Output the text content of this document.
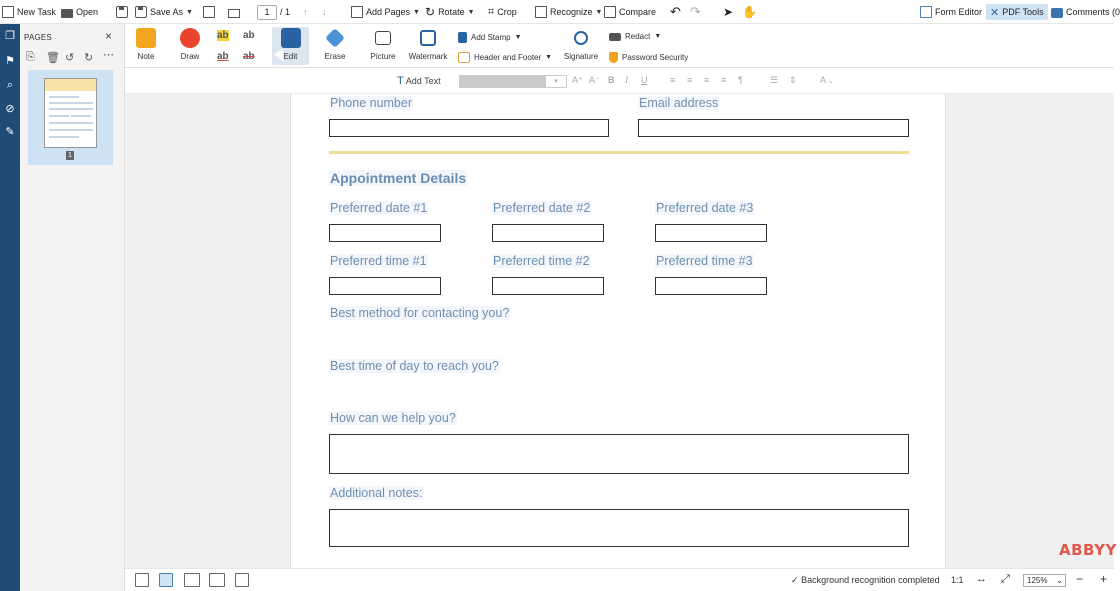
New Task Open	Save As ▼	1	/ 1 ↑ ↓	Add Pages ▼ ↻ Rotate ▼ ⌗ Crop	Recognize ▼ Compare ↶ ↷ ➤ ✋	Form Editor ✕ PDF Tools Comments (0
❐
⚑
⌕
⊘
✎
PAGES	×
⎘ 🗑 ↺ ↻ ⋯
1
Note	Draw
ab ab
ab ab	Edit	Erase	Picture Watermark
Add Stamp ▼
Header and Footer ▼ Signature
Redact ▼
Password Security
T Add Text	▾	A⁺ A⁻ B I U	≡ ≡ ≡ ≡ ¶	☰ ⇕	A ⌄
Phone number	Email address
Appointment Details
Preferred date #1	Preferred date #2	Preferred date #3
Preferred time #1	Preferred time #2	Preferred time #3
Best method for contacting you?
Best time of day to reach you?
How can we help you?
Additional notes:
ABBYY
✓ Background recognition completed 1:1 ↔ ⤢	125% ⌄ − +
